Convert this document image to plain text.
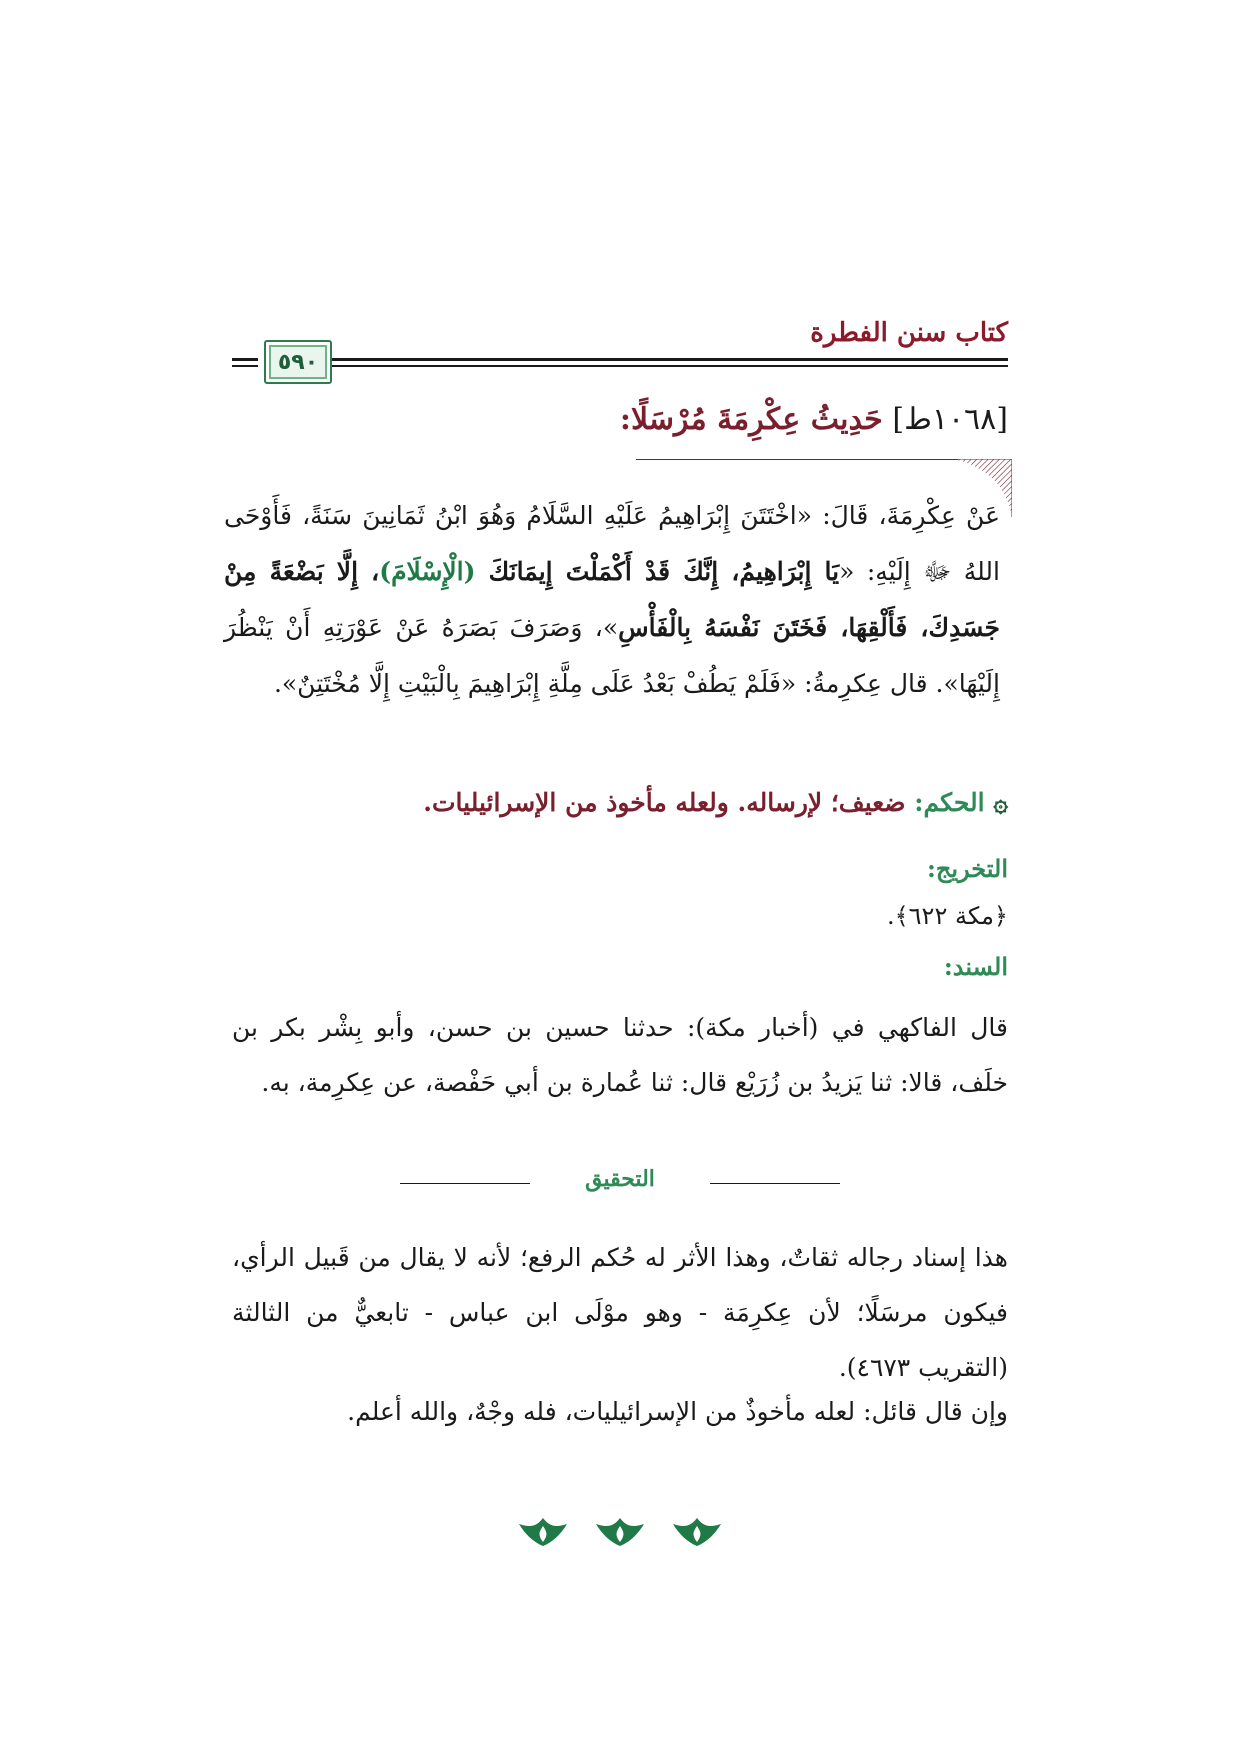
كتاب سنن الفطرة
٥٩٠
[١٠٦٨ط] حَدِيثُ عِكْرِمَةَ مُرْسَلًا:
عَنْ عِكْرِمَةَ، قَالَ: «اخْتَتَنَ إِبْرَاهِيمُ عَلَيْهِ السَّلَامُ وَهُوَ ابْنُ ثَمَانِينَ سَنَةً، فَأَوْحَى اللهُ ﷻ إِلَيْهِ: «يَا إِبْرَاهِيمُ، إِنَّكَ قَدْ أَكْمَلْتَ إِيمَانَكَ (الْإِسْلَامَ)، إِلَّا بَضْعَةً مِنْ جَسَدِكَ، فَأَلْقِهَا، فَخَتَنَ نَفْسَهُ بِالْفَأْسِ»، وَصَرَفَ بَصَرَهُ عَنْ عَوْرَتِهِ أَنْ يَنْظُرَ إِلَيْهَا». قال عِكرِمةُ: «فَلَمْ يَطُفْ بَعْدُ عَلَى مِلَّةِ إِبْرَاهِيمَ بِالْبَيْتِ إِلَّا مُخْتَتِنٌ».
۞ الحكم: ضعيف؛ لإرساله. ولعله مأخوذ من الإسرائيليات.
التخريج:
﴿مكة ٦٢٢﴾.
السند:
قال الفاكهي في (أخبار مكة): حدثنا حسين بن حسن، وأبو بِشْر بكر بن خلَف، قالا: ثنا يَزيدُ بن زُرَيْع قال: ثنا عُمارة بن أبي حَفْصة، عن عِكرِمة، به.
التحقيق
هذا إسناد رجاله ثقاتٌ، وهذا الأثر له حُكم الرفع؛ لأنه لا يقال من قَبيل الرأي، فيكون مرسَلًا؛ لأن عِكرِمَة - وهو موْلَى ابن عباس - تابعيٌّ من الثالثة (التقريب ٤٦٧٣).
وإن قال قائل: لعله مأخوذٌ من الإسرائيليات، فله وجْهٌ، والله أعلم.
